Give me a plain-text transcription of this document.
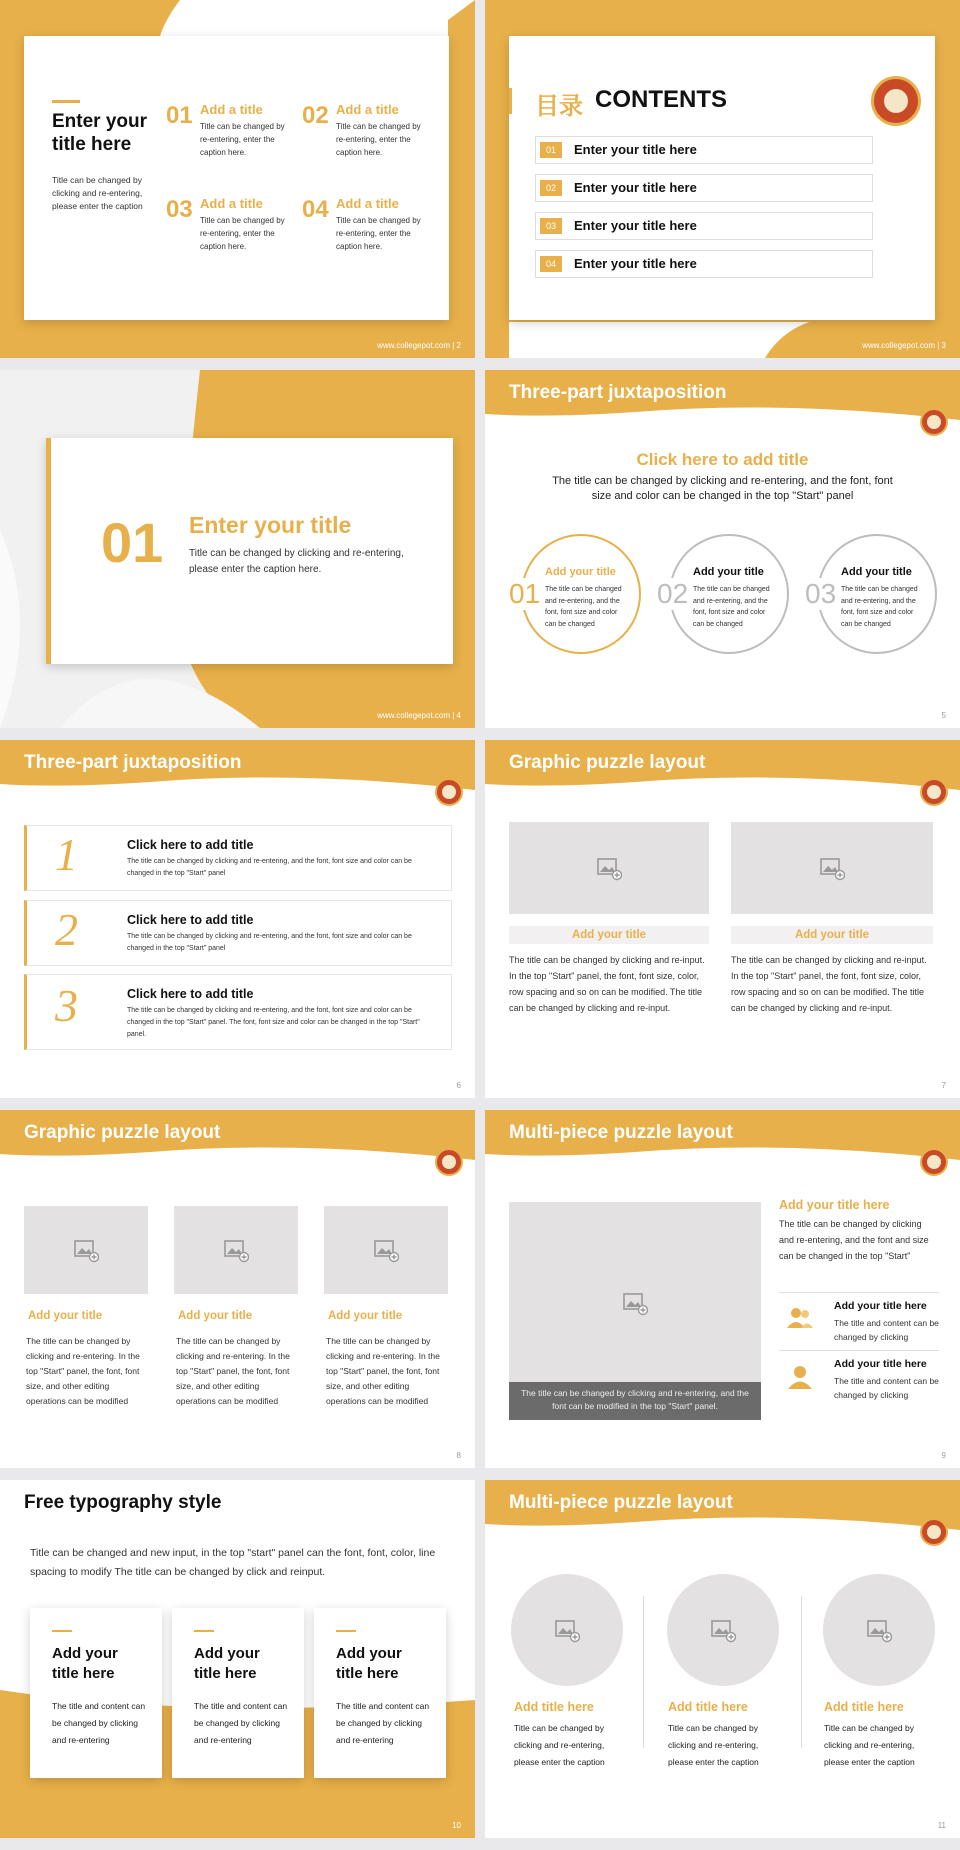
Enter your title here
Title can be changed by clicking and re-entering, please enter the caption
01 Add a title
Title can be changed by re-entering, enter the caption here.
02 Add a title
Title can be changed by re-entering, enter the caption here.
03 Add a title
Title can be changed by re-entering, enter the caption here.
04 Add a title
Title can be changed by re-entering, enter the caption here.
www.collegepot.com | 2
目录 CONTENTS
01	Enter your title here
02	Enter your title here
03	Enter your title here
04	Enter your title here
www.collegepot.com | 3
01 Enter your title
Title can be changed by clicking and re-entering, please enter the caption here.
www.collegepot.com | 4
Three-part juxtaposition
Click here to add title
The title can be changed by clicking and re-entering, and the font, font size and color can be changed in the top "Start" panel
01
Add your title
The title can be changed and re-entering, and the font, font size and color can be changed
02
Add your title
The title can be changed and re-entering, and the font, font size and color can be changed
03
Add your title
The title can be changed and re-entering, and the font, font size and color can be changed
5
Three-part juxtaposition
1	Click here to add title
The title can be changed by clicking and re-entering, and the font, font size and color can be changed in the top "Start" panel
2	Click here to add title
The title can be changed by clicking and re-entering, and the font, font size and color can be changed in the top "Start" panel
3	Click here to add title
The title can be changed by clicking and re-entering, and the font, font size and color can be changed in the top "Start" panel. The font, font size and color can be changed in the top "Start" panel.
6
Graphic puzzle layout
Add your title	Add your title
The title can be changed by clicking and re-input. In the top "Start" panel, the font, font size, color, row spacing and so on can be modified. The title can be changed by clicking and re-input.
The title can be changed by clicking and re-input. In the top "Start" panel, the font, font size, color, row spacing and so on can be modified. The title can be changed by clicking and re-input.
7
Graphic puzzle layout
Add your title	Add your title	Add your title
The title can be changed by clicking and re-entering. In the top "Start" panel, the font, font size, and other editing operations can be modified
The title can be changed by clicking and re-entering. In the top "Start" panel, the font, font size, and other editing operations can be modified
The title can be changed by clicking and re-entering. In the top "Start" panel, the font, font size, and other editing operations can be modified
8
Multi-piece puzzle layout
The title can be changed by clicking and re-entering, and the font can be modified in the top "Start" panel.
Add your title here
The title can be changed by clicking and re-entering, and the font and size can be changed in the top "Start"
Add your title here
The title and content can be changed by clicking
Add your title here
The title and content can be changed by clicking
9
Free typography style
Title can be changed and new input, in the top "start" panel can the font, font, color, line spacing to modify The title can be changed by click and reinput.
Add your title here
The title and content can be changed by clicking and re-entering
Add your title here
The title and content can be changed by clicking and re-entering
Add your title here
The title and content can be changed by clicking and re-entering
10
Multi-piece puzzle layout
Add title here	Add title here	Add title here
Title can be changed by clicking and re-entering, please enter the caption
Title can be changed by clicking and re-entering, please enter the caption
Title can be changed by clicking and re-entering, please enter the caption
11
